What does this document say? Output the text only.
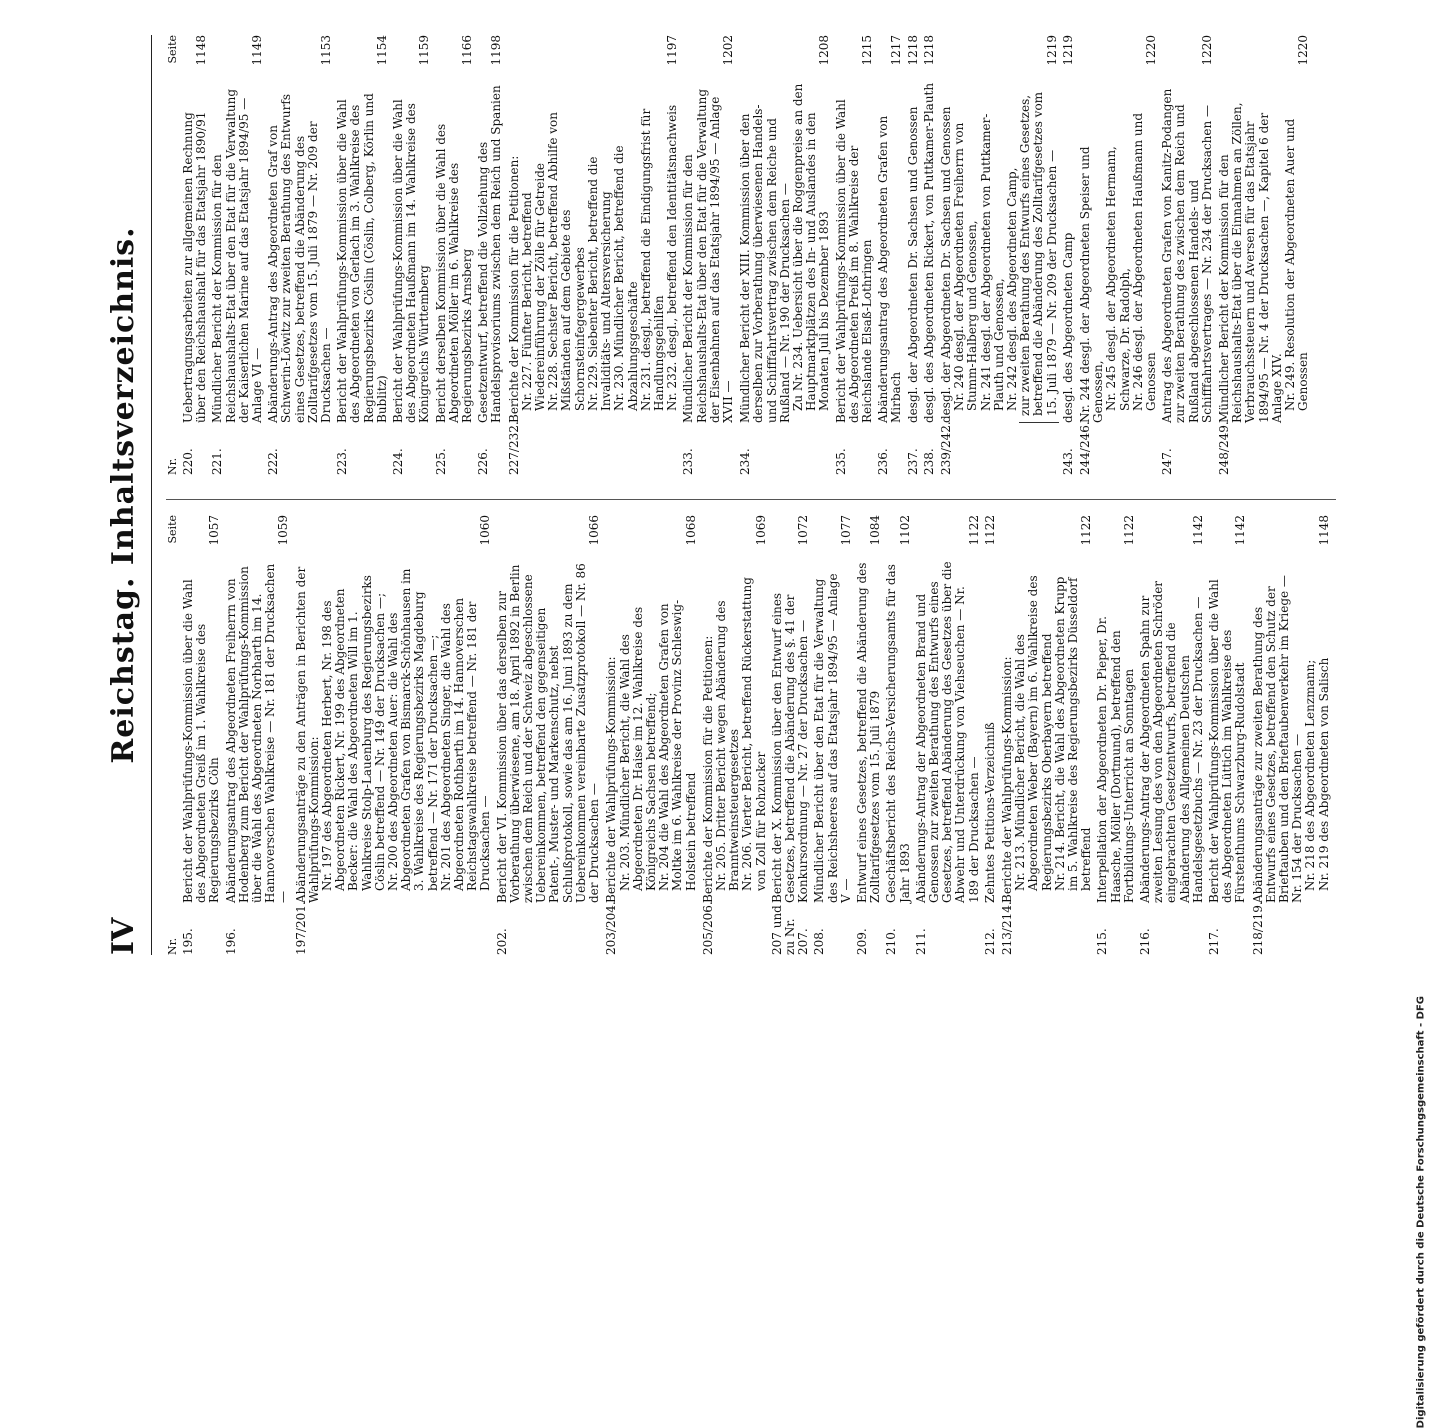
IV
Reichstag. Inhaltsverzeichnis.
Nr.
Seite
195.
Bericht der Wahlprüfungs-Kommission über die Wahl des Abgeordneten Greiß im 1. Wahlkreise des Regierungsbezirks Cöln
1057
196.
Abänderungsantrag des Abgeordneten Freiherrn von Hodenberg zum Bericht der Wahlprüfungs-Kommission über die Wahl des Abgeordneten Norbharth im 14. Hannoverschen Wahlkreise — Nr. 181 der Drucksachen —
1059
197/201.
Abänderungsanträge zu den Anträgen in Berichten der Wahlprüfungs-Kommission: Nr. 197 des Abgeordneten Herbert, Nr. 198 des Abgeordneten Rickert, Nr. 199 des Abgeordneten Becker: die Wahl des Abgeordneten Will im 1. Wahlkreise Stolp-Lauenburg des Regierungsbezirks Cöslin betreffend — Nr. 149 der Drucksachen —; Nr. 200 des Abgeordneten Auer: die Wahl des Abgeordneten Grafen von Bismarck-Schönhausen im 3. Wahlkreise des Regierungsbezirks Magdeburg betreffend — Nr. 171 der Drucksachen —; Nr. 201 des Abgeordneten Singer, die Wahl des Abgeordneten Rothbarth im 14. Hannoverschen Reichstagswahlkreise betreffend — Nr. 181 der Drucksachen —
1060
202.
Bericht der VI. Kommission über das derselben zur Vorberathung überwiesene, am 18. April 1892 in Berlin zwischen dem Reich und der Schweiz abgeschlossene Uebereinkommen, betreffend den gegenseitigen Patent-, Muster- und Markenschutz, nebst Schlußprotokoll, sowie das am 16. Juni 1893 zu dem Uebereinkommen vereinbarte Zusatzprotokoll — Nr. 86 der Drucksachen —
1066
203/204.
Berichte der Wahlprüfungs-Kommission: Nr. 203. Mündlicher Bericht, die Wahl des Abgeordneten Dr. Haise im 12. Wahlkreise des Königreichs Sachsen betreffend; Nr. 204 die Wahl des Abgeordneten Grafen von Moltke im 6. Wahlkreise der Provinz Schleswig-Holstein betreffend
1068
205/206.
Berichte der Kommission für die Petitionen: Nr. 205. Dritter Bericht wegen Abänderung des Branntweinsteuergesetzes Nr. 206. Vierter Bericht, betreffend Rückerstattung von Zoll für Rohzucker
1069
207 und zu Nr. 207.
Bericht der X. Kommission über den Entwurf eines Gesetzes, betreffend die Abänderung des §. 41 der Konkursordnung — Nr. 27 der Drucksachen —
1072
208.
Mündlicher Bericht über den Etat für die Verwaltung des Reichsheeres auf das Etatsjahr 1894/95 — Anlage V —
1077
209.
Entwurf eines Gesetzes, betreffend die Abänderung des Zolltarifgesetzes vom 15. Juli 1879
1084
210.
Geschäftsbericht des Reichs-Versicherungsamts für das Jahr 1893
1102
211.
Abänderungs-Antrag der Abgeordneten Brand und Genossen zur zweiten Berathung des Entwurfs eines Gesetzes, betreffend Abänderung des Gesetzes über die Abwehr und Unterdrückung von Viehseuchen — Nr. 189 der Drucksachen —
1122
212.
Zehntes Petitions-Verzeichniß
1122
213/214.
Berichte der Wahlprüfungs-Kommission: Nr. 213. Mündlicher Bericht, die Wahl des Abgeordneten Weber (Bayern) im 6. Wahlkreise des Regierungsbezirks Oberbayern betreffend Nr. 214. Bericht, die Wahl des Abgeordneten Krupp im 5. Wahlkreise des Regierungsbezirks Düsseldorf betreffend
1122
215.
Interpellation der Abgeordneten Dr. Pieper, Dr. Haasche, Möller (Dortmund), betreffend den Fortbildungs-Unterricht an Sonntagen
1122
216.
Abänderungs-Antrag der Abgeordneten Spahn zur zweiten Lesung des von den Abgeordneten Schröder eingebrachten Gesetzentwurfs, betreffend die Abänderung des Allgemeinen Deutschen Handelsgesetzbuchs — Nr. 23 der Drucksachen —
1142
217.
Bericht der Wahlprüfungs-Kommission über die Wahl des Abgeordneten Lüttich im Wahlkreise des Fürstenthums Schwarzburg-Rudolstadt
1142
218/219.
Abänderungsanträge zur zweiten Berathung des Entwurfs eines Gesetzes, betreffend den Schutz der Brieftauben und den Brieftaubenverkehr im Kriege — Nr. 154 der Drucksachen — Nr. 218 des Abgeordneten Lenzmann; Nr. 219 des Abgeordneten von Salisch
1148
Nr.
Seite
220.
Uebertragungsarbeiten zur allgemeinen Rechnung über den Reichshaushalt für das Etatsjahr 1890/91
1148
221.
Mündlicher Bericht der Kommission für den Reichshaushalts-Etat über den Etat für die Verwaltung der Kaiserlichen Marine auf das Etatsjahr 1894/95 — Anlage VI —
1149
222.
Abänderungs-Antrag des Abgeordneten Graf von Schwerin-Löwitz zur zweiten Berathung des Entwurfs eines Gesetzes, betreffend die Abänderung des Zolltarifgesetzes vom 15. Juli 1879 — Nr. 209 der Drucksachen —
1153
223.
Bericht der Wahlprüfungs-Kommission über die Wahl des Abgeordneten von Gerlach im 3. Wahlkreise des Regierungsbezirks Cöslin (Cöslin, Colberg, Körlin und Bublitz)
1154
224.
Bericht der Wahlprüfungs-Kommission über die Wahl des Abgeordneten Haußmann im 14. Wahlkreise des Königreichs Württemberg
1159
225.
Bericht derselben Kommission über die Wahl des Abgeordneten Möller im 6. Wahlkreise des Regierungsbezirks Arnsberg
1166
226.
Gesetzentwurf, betreffend die Vollziehung des Handelsprovisoriums zwischen dem Reich und Spanien
1198
227/232.
Berichte der Kommission für die Petitionen: Nr. 227. Fünfter Bericht, betreffend Wiedereinführung der Zölle für Getreide Nr. 228. Sechster Bericht, betreffend Abhilfe von Mißständen auf dem Gebiete des Schornsteinfegergewerbes Nr. 229. Siebenter Bericht, betreffend die Invaliditäts- und Altersversicherung Nr. 230. Mündlicher Bericht, betreffend die Abzahlungsgeschäfte Nr. 231. desgl., betreffend die Eindigungsfrist für Handlungsgehilfen Nr. 232. desgl., betreffend den Identitätsnachweis
1197
233.
Mündlicher Bericht der Kommission für den Reichshaushalts-Etat über den Etat für die Verwaltung der Eisenbahnen auf das Etatsjahr 1894/95 — Anlage XVII —
1202
234.
Mündlicher Bericht der XIII. Kommission über den derselben zur Vorberathung überwiesenen Handels- und Schifffahrtsvertrag zwischen dem Reiche und Rußland — Nr. 190 der Drucksachen — Zu Nr. 234. Uebersicht über die Roggenpreise an den Hauptmarktplätzen des In- und Auslandes in den Monaten Juli bis Dezember 1893
1208
235.
Bericht der Wahlprüfungs-Kommission über die Wahl des Abgeordneten Preiß im 8. Wahlkreise der Reichslande Elsaß-Lothringen
1215
236.
Abänderungsantrag des Abgeordneten Grafen von Mirbach
1217
237.
desgl. der Abgeordneten Dr. Sachsen und Genossen
1218
238.
desgl. des Abgeordneten Rickert, von Puttkamer-Plauth
1218
239/242.
desgl. der Abgeordneten Dr. Sachsen und Genossen Nr. 240 desgl. der Abgeordneten Freiherrn von Stumm-Halberg und Genossen, Nr. 241 desgl. der Abgeordneten von Puttkamer-Plauth und Genossen, Nr. 242 desgl. des Abgeordneten Camp, zur zweiten Berathung des Entwurfs eines Gesetzes, betreffend die Abänderung des Zolltarifgesetzes vom 15. Juli 1879 — Nr. 209 der Drucksachen —
1219
243.
desgl. des Abgeordneten Camp
1219
244/246.
Nr. 244 desgl. der Abgeordneten Speiser und Genossen, Nr. 245 desgl. der Abgeordneten Hermann, Schwarze, Dr. Radolph, Nr. 246 desgl. der Abgeordneten Haußmann und Genossen
1220
247.
Antrag des Abgeordneten Grafen von Kanitz-Podangen zur zweiten Berathung des zwischen dem Reich und Rußland abgeschlossenen Handels- und Schifffahrtsvertrages — Nr. 234 der Drucksachen —
1220
248/249.
Mündlicher Bericht der Kommission für den Reichshaushalts-Etat über die Einnahmen an Zöllen, Verbrauchssteuern und Aversen für das Etatsjahr 1894/95 — Nr. 4 der Drucksachen —, Kapitel 6 der Anlage XIV. Nr. 249. Resolution der Abgeordneten Auer und Genossen
1220
Digitalisierung gefördert durch die Deutsche Forschungsgemeinschaft - DFG
